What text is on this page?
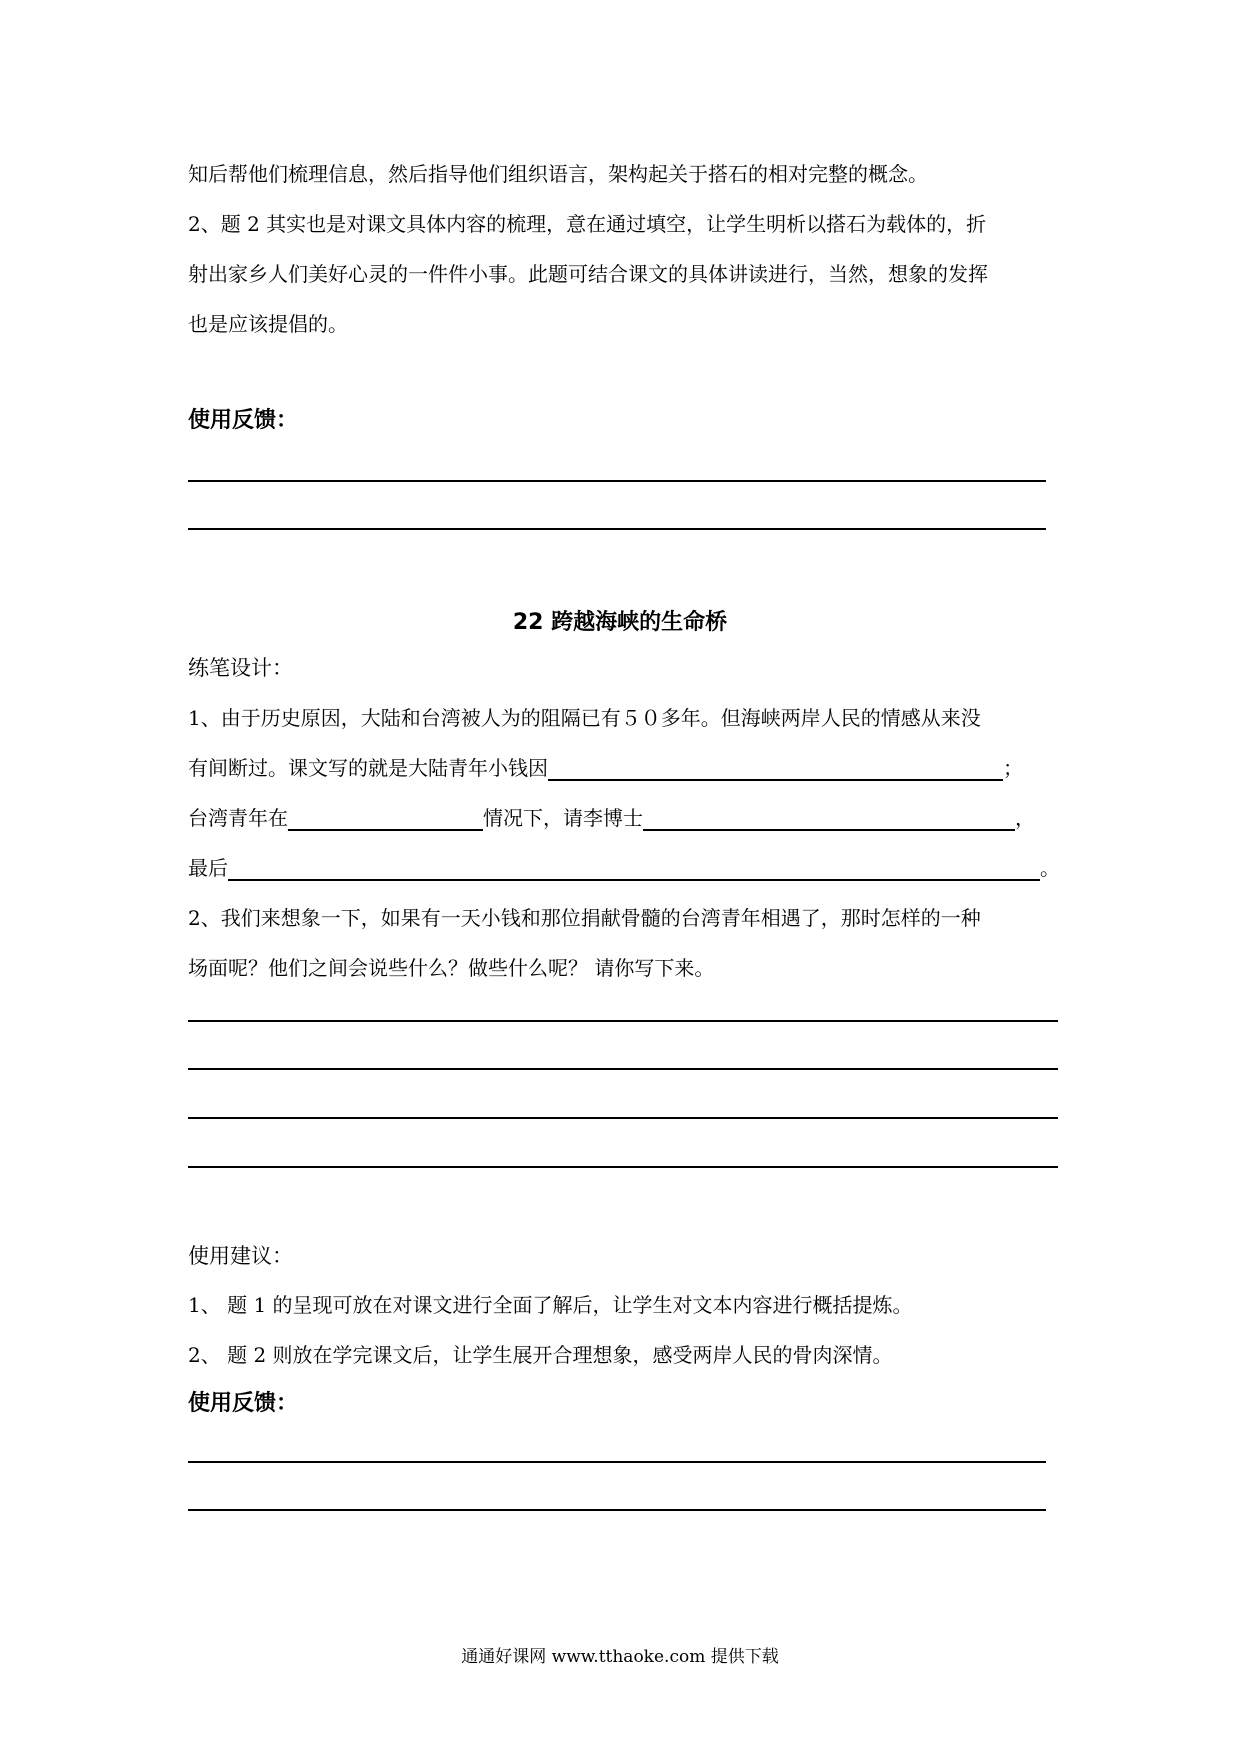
知后帮他们梳理信息，然后指导他们组织语言，架构起关于搭石的相对完整的概念。
2、题 2 其实也是对课文具体内容的梳理，意在通过填空，让学生明析以搭石为载体的，折
射出家乡人们美好心灵的一件件小事。此题可结合课文的具体讲读进行，当然，想象的发挥
也是应该提倡的。
使用反馈：
22 跨越海峡的生命桥
练笔设计：
1、由于历史原因，大陆和台湾被人为的阻隔已有５０多年。但海峡两岸人民的情感从来没
有间断过。课文写的就是大陆青年小钱因	；
台湾青年在	情况下，请李博士	，
最后	。
2、我们来想象一下，如果有一天小钱和那位捐献骨髓的台湾青年相遇了，那时怎样的一种
场面呢？他们之间会说些什么？做些什么呢？ 请你写下来。
使用建议：
1、 题 1 的呈现可放在对课文进行全面了解后，让学生对文本内容进行概括提炼。
2、 题 2 则放在学完课文后，让学生展开合理想象，感受两岸人民的骨肉深情。
使用反馈：
通通好课网 www.tthaoke.com 提供下载
